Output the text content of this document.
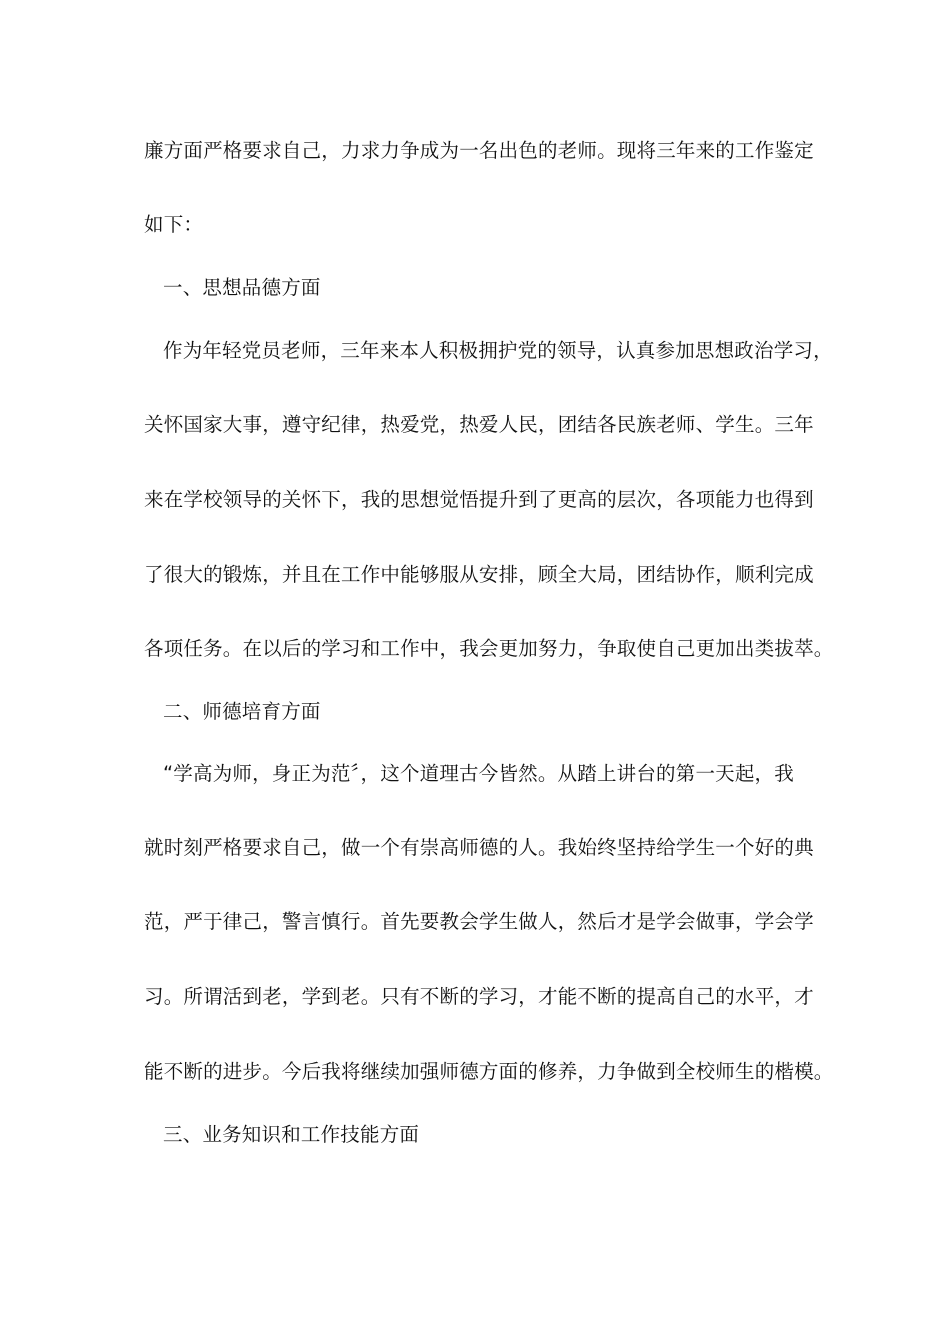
廉方面严格要求自己，力求力争成为一名出色的老师。现将三年来的工作鉴定
如下：
一、思想品德方面
作为年轻党员老师，三年来本人积极拥护党的领导，认真参加思想政治学习，
关怀国家大事，遵守纪律，热爱党，热爱人民，团结各民族老师、学生。三年
来在学校领导的关怀下，我的思想觉悟提升到了更高的层次，各项能力也得到
了很大的锻炼，并且在工作中能够服从安排，顾全大局，团结协作，顺利完成
各项任务。在以后的学习和工作中，我会更加努力，争取使自己更加出类拔萃。
二、师德培育方面
“学高为师，身正为范〞，这个道理古今皆然。从踏上讲台的第一天起，我
就时刻严格要求自己，做一个有崇高师德的人。我始终坚持给学生一个好的典
范，严于律己，警言慎行。首先要教会学生做人，然后才是学会做事，学会学
习。所谓活到老，学到老。只有不断的学习，才能不断的提高自己的水平，才
能不断的进步。今后我将继续加强师德方面的修养，力争做到全校师生的楷模。
三、业务知识和工作技能方面
